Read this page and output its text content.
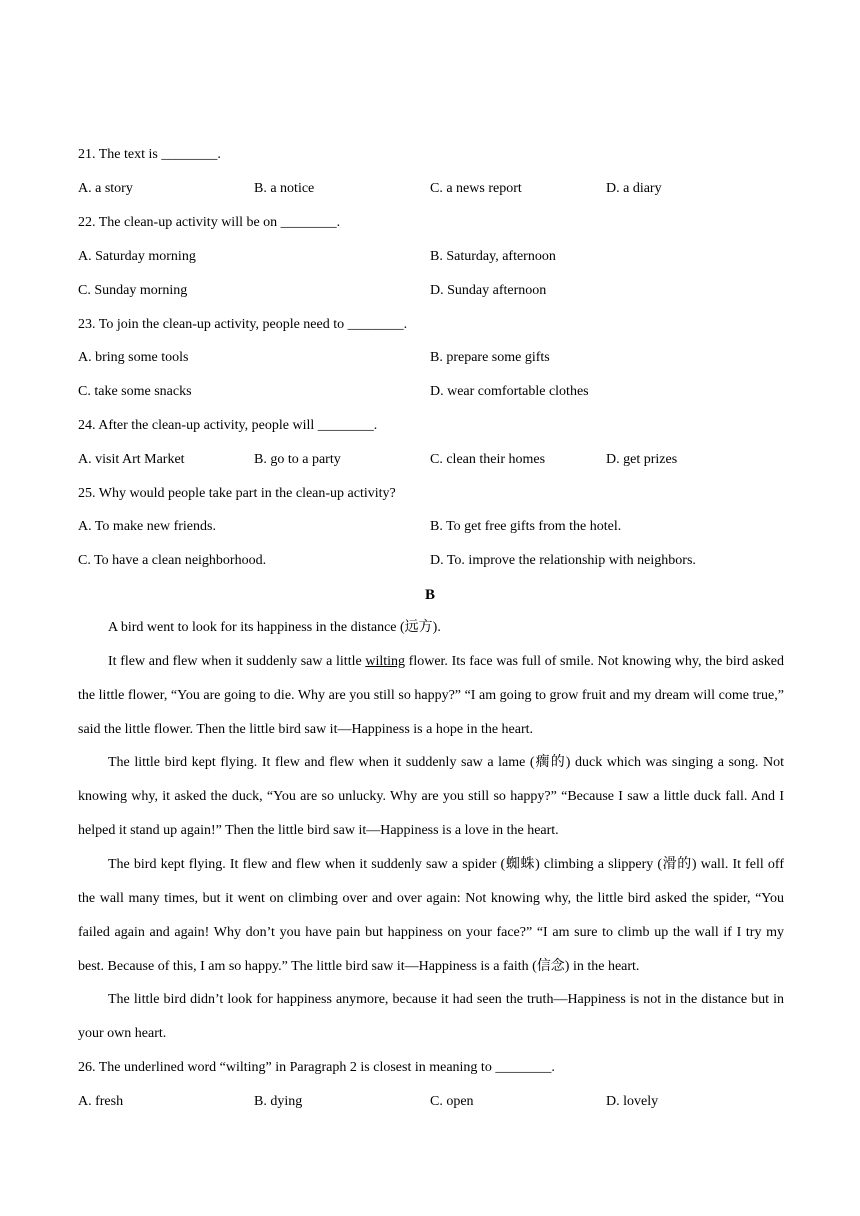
21. The text is ________.
A. a story	B. a notice	C. a news report	D. a diary
22. The clean-up activity will be on ________.
A. Saturday morning	B. Saturday, afternoon
C. Sunday morning	D. Sunday afternoon
23. To join the clean-up activity, people need to ________.
A. bring some tools	B. prepare some gifts
C. take some snacks	D. wear comfortable clothes
24. After the clean-up activity, people will ________.
A. visit Art Market	B. go to a party	C. clean their homes	D. get prizes
25. Why would people take part in the clean-up activity?
A. To make new friends.	B. To get free gifts from the hotel.
C. To have a clean neighborhood.	D. To. improve the relationship with neighbors.
B
A bird went to look for its happiness in the distance (远方).
It flew and flew when it suddenly saw a little wilting flower. Its face was full of smile. Not knowing why, the bird asked the little flower, “You are going to die. Why are you still so happy?” “I am going to grow fruit and my dream will come true,” said the little flower. Then the little bird saw it—Happiness is a hope in the heart.
The little bird kept flying. It flew and flew when it suddenly saw a lame (瘸的) duck which was singing a song. Not knowing why, it asked the duck, “You are so unlucky. Why are you still so happy?” “Because I saw a little duck fall. And I helped it stand up again!” Then the little bird saw it—Happiness is a love in the heart.
The bird kept flying. It flew and flew when it suddenly saw a spider (蜘蛛) climbing a slippery (滑的) wall. It fell off the wall many times, but it went on climbing over and over again: Not knowing why, the little bird asked the spider, “You failed again and again! Why don’t you have pain but happiness on your face?” “I am sure to climb up the wall if I try my best. Because of this, I am so happy.” The little bird saw it—Happiness is a faith (信念) in the heart.
The little bird didn’t look for happiness anymore, because it had seen the truth—Happiness is not in the distance but in your own heart.
26. The underlined word “wilting” in Paragraph 2 is closest in meaning to ________.
A. fresh	B. dying	C. open	D. lovely
